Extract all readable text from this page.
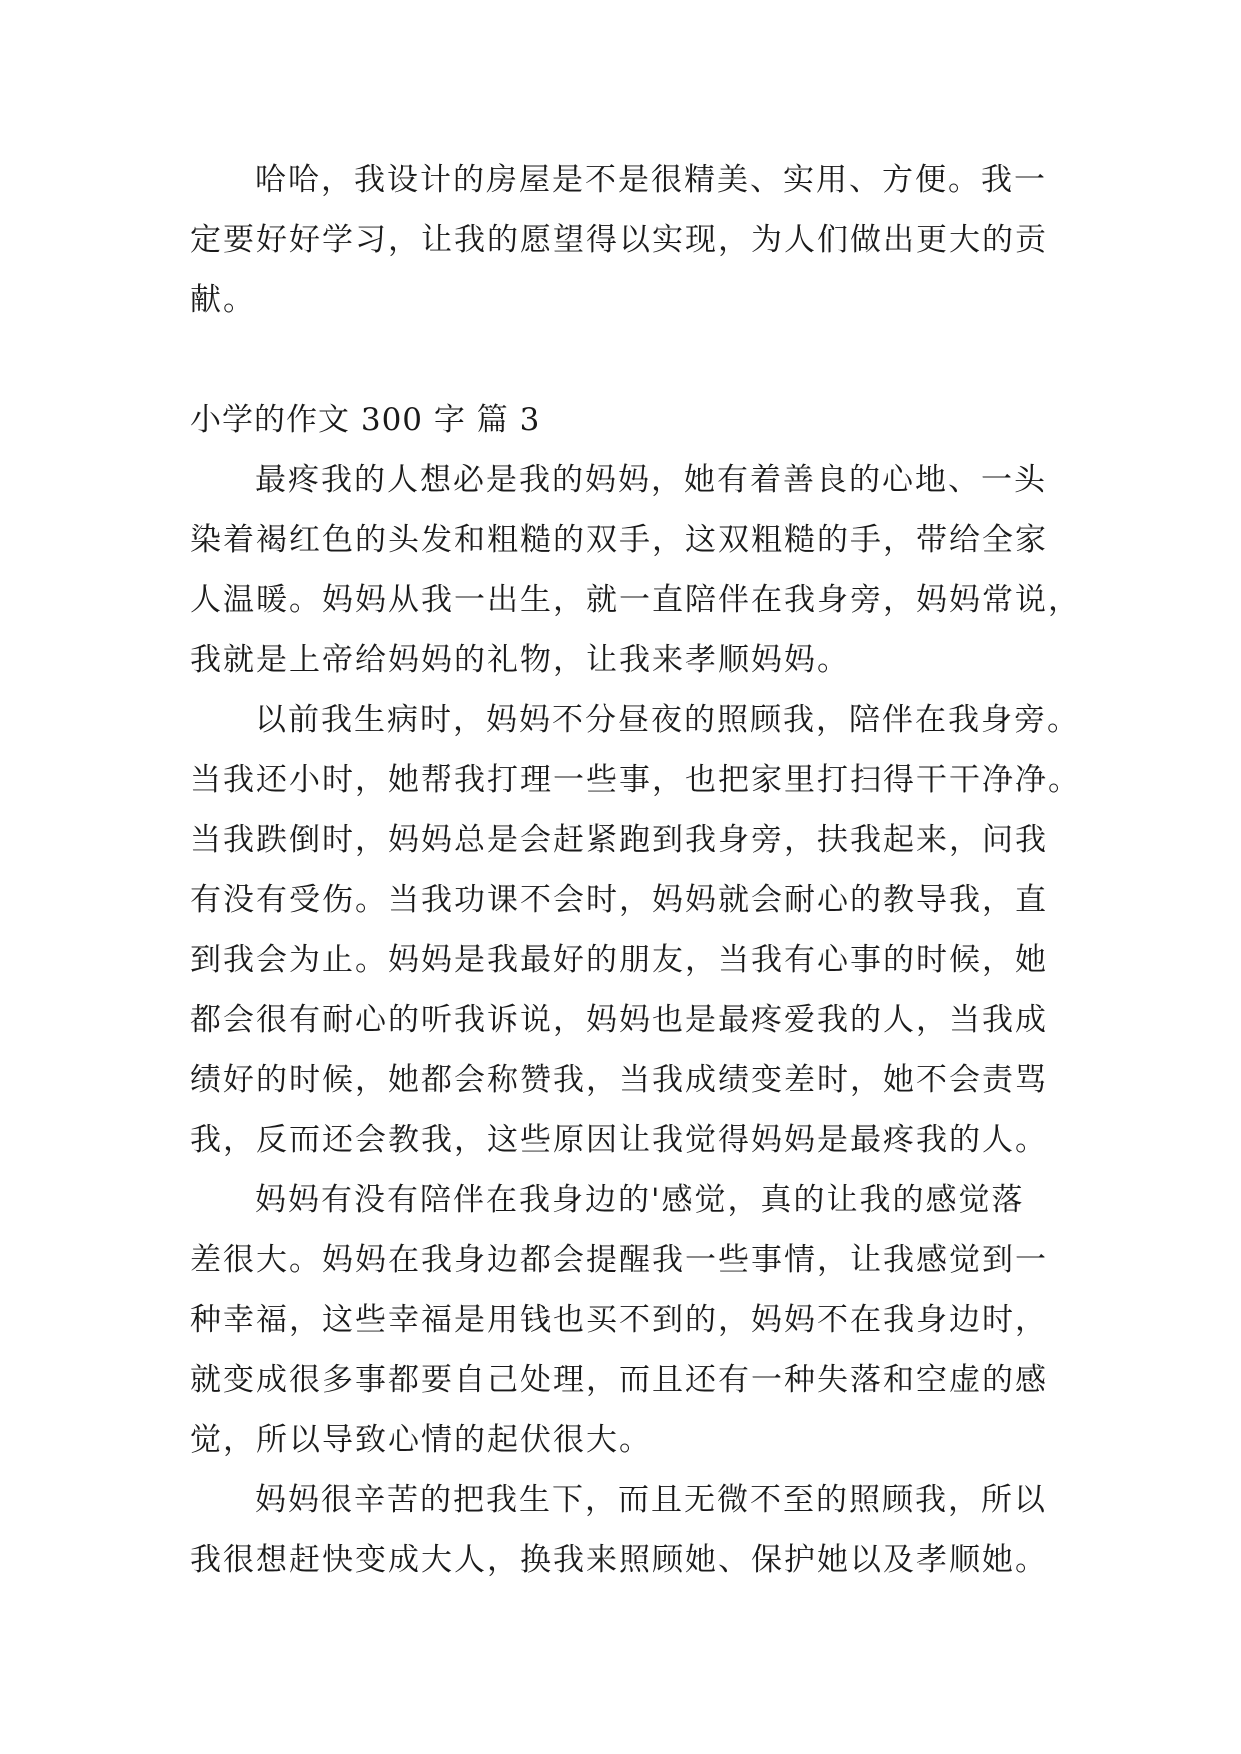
哈哈，我设计的房屋是不是很精美、实用、方便。我一
定要好好学习，让我的愿望得以实现，为人们做出更大的贡
献。
小学的作文 300 字 篇 3
最疼我的人想必是我的妈妈，她有着善良的心地、一头
染着褐红色的头发和粗糙的双手，这双粗糙的手，带给全家
人温暖。妈妈从我一出生，就一直陪伴在我身旁，妈妈常说，
我就是上帝给妈妈的礼物，让我来孝顺妈妈。
以前我生病时，妈妈不分昼夜的照顾我，陪伴在我身旁。
当我还小时，她帮我打理一些事，也把家里打扫得干干净净。
当我跌倒时，妈妈总是会赶紧跑到我身旁，扶我起来，问我
有没有受伤。当我功课不会时，妈妈就会耐心的教导我，直
到我会为止。妈妈是我最好的朋友，当我有心事的时候，她
都会很有耐心的听我诉说，妈妈也是最疼爱我的人，当我成
绩好的时候，她都会称赞我，当我成绩变差时，她不会责骂
我，反而还会教我，这些原因让我觉得妈妈是最疼我的人。
妈妈有没有陪伴在我身边的'感觉，真的让我的感觉落
差很大。妈妈在我身边都会提醒我一些事情，让我感觉到一
种幸福，这些幸福是用钱也买不到的，妈妈不在我身边时，
就变成很多事都要自己处理，而且还有一种失落和空虚的感
觉，所以导致心情的起伏很大。
妈妈很辛苦的把我生下，而且无微不至的照顾我，所以
我很想赶快变成大人，换我来照顾她、保护她以及孝顺她。
